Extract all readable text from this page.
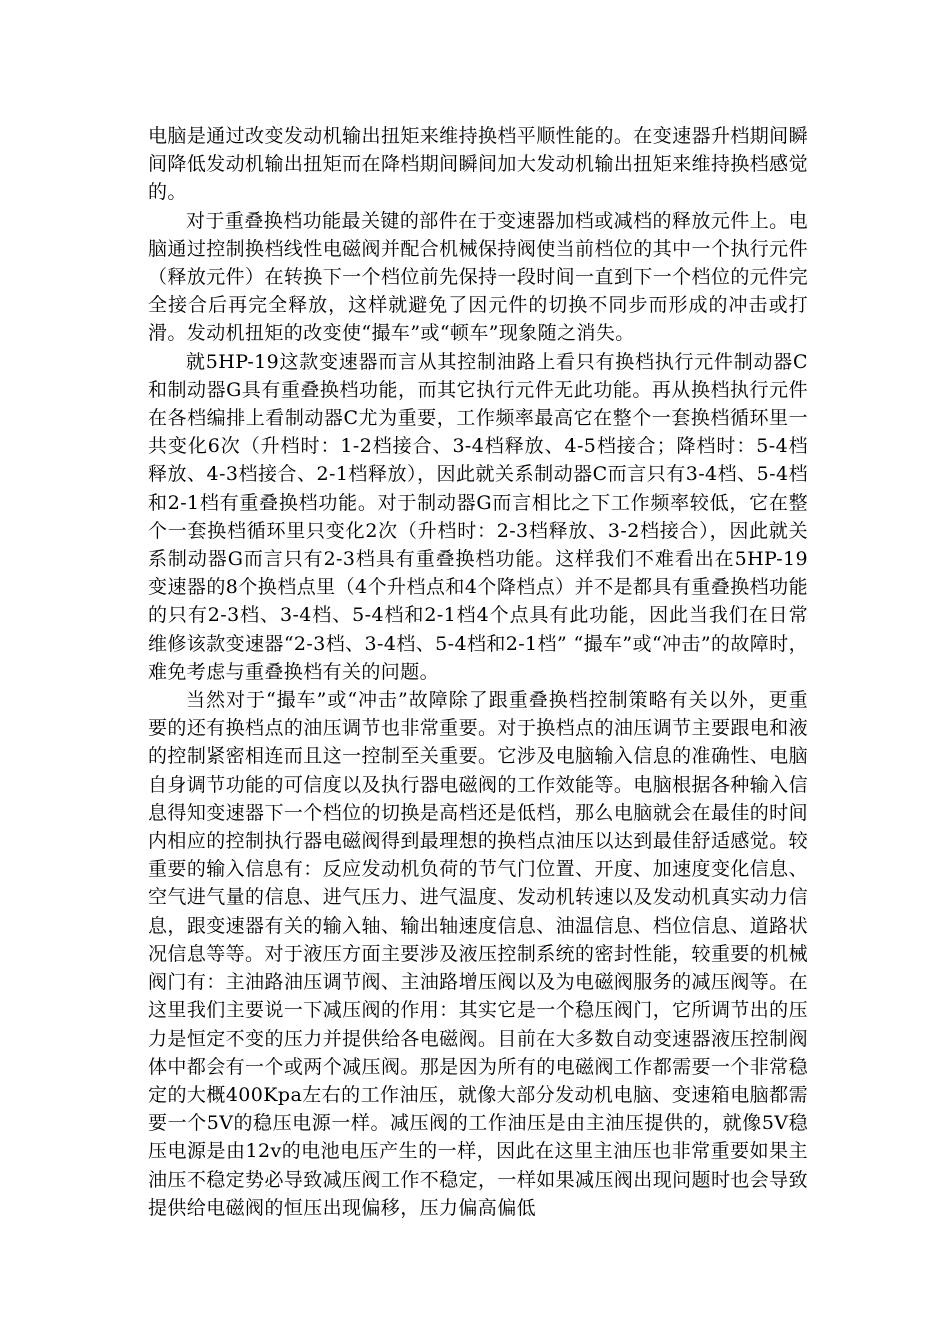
电脑是通过改变发动机输出扭矩来维持换档平顺性能的。在变速器升档期间瞬间降低发动机输出扭矩而在降档期间瞬间加大发动机输出扭矩来维持换档感觉的。

对于重叠换档功能最关键的部件在于变速器加档或减档的释放元件上。电脑通过控制换档线性电磁阀并配合机械保持阀使当前档位的其中一个执行元件（释放元件）在转换下一个档位前先保持一段时间一直到下一个档位的元件完全接合后再完全释放，这样就避免了因元件的切换不同步而形成的冲击或打滑。发动机扭矩的改变使“撮车”或“顿车”现象随之消失。

就5HP-19这款变速器而言从其控制油路上看只有换档执行元件制动器C和制动器G具有重叠换档功能，而其它执行元件无此功能。再从换档执行元件在各档编排上看制动器C尤为重要，工作频率最高它在整个一套换档循环里一共变化6次（升档时：1-2档接合、3-4档释放、4-5档接合；降档时：5-4档释放、4-3档接合、2-1档释放），因此就关系制动器C而言只有3-4档、5-4档和2-1档有重叠换档功能。对于制动器G而言相比之下工作频率较低，它在整个一套换档循环里只变化2次（升档时：2-3档释放、3-2档接合），因此就关系制动器G而言只有2-3档具有重叠换档功能。这样我们不难看出在5HP-19变速器的8个换档点里（4个升档点和4个降档点）并不是都具有重叠换档功能的只有2-3档、3-4档、5-4档和2-1档4个点具有此功能，因此当我们在日常维修该款变速器“2-3档、3-4档、5-4档和2-1档” “撮车”或“冲击”的故障时，难免考虑与重叠换档有关的问题。

当然对于“撮车”或“冲击”故障除了跟重叠换档控制策略有关以外，更重要的还有换档点的油压调节也非常重要。对于换档点的油压调节主要跟电和液的控制紧密相连而且这一控制至关重要。它涉及电脑输入信息的准确性、电脑自身调节功能的可信度以及执行器电磁阀的工作效能等。电脑根据各种输入信息得知变速器下一个档位的切换是高档还是低档，那么电脑就会在最佳的时间内相应的控制执行器电磁阀得到最理想的换档点油压以达到最佳舒适感觉。较重要的输入信息有：反应发动机负荷的节气门位置、开度、加速度变化信息、空气进气量的信息、进气压力、进气温度、发动机转速以及发动机真实动力信息，跟变速器有关的输入轴、输出轴速度信息、油温信息、档位信息、道路状况信息等等。对于液压方面主要涉及液压控制系统的密封性能，较重要的机械阀门有：主油路油压调节阀、主油路增压阀以及为电磁阀服务的减压阀等。在这里我们主要说一下减压阀的作用：其实它是一个稳压阀门，它所调节出的压力是恒定不变的压力并提供给各电磁阀。目前在大多数自动变速器液压控制阀体中都会有一个或两个减压阀。那是因为所有的电磁阀工作都需要一个非常稳定的大概400Kpa左右的工作油压，就像大部分发动机电脑、变速箱电脑都需要一个5V的稳压电源一样。减压阀的工作油压是由主油压提供的，就像5V稳压电源是由12v的电池电压产生的一样，因此在这里主油压也非常重要如果主油压不稳定势必导致减压阀工作不稳定，一样如果减压阀出现问题时也会导致提供给电磁阀的恒压出现偏移，压力偏高偏低
